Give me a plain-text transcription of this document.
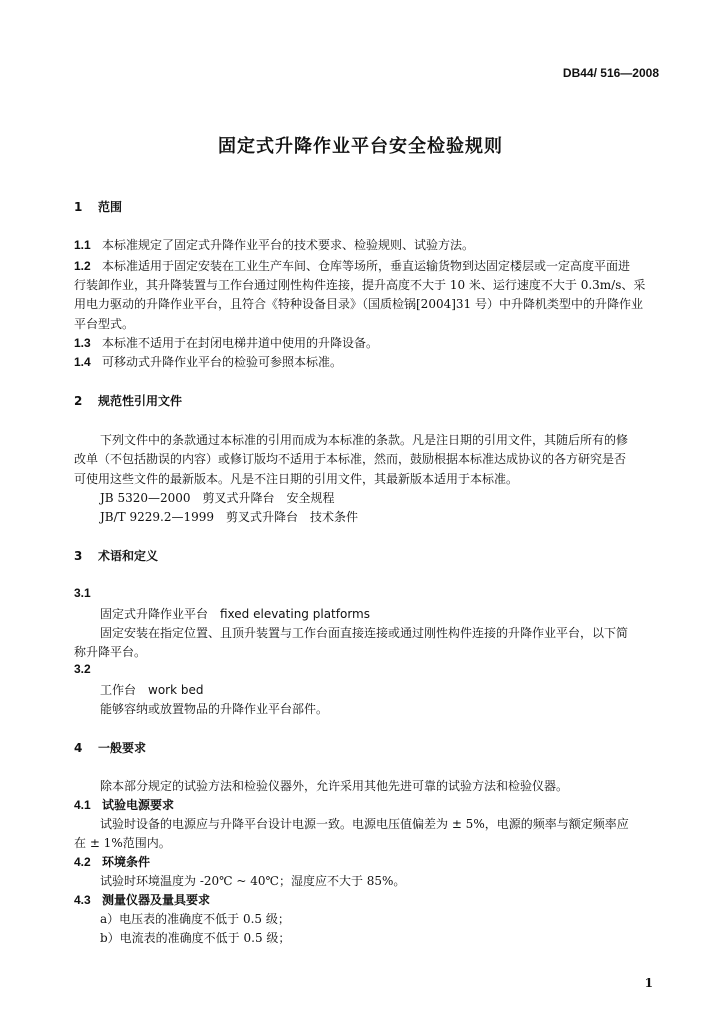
DB44/ 516—2008
固定式升降作业平台安全检验规则
1 范围
1.1 本标准规定了固定式升降作业平台的技术要求、检验规则、试验方法。
1.2 本标准适用于固定安装在工业生产车间、仓库等场所，垂直运输货物到达固定楼层或一定高度平面进
行装卸作业，其升降装置与工作台通过刚性构件连接，提升高度不大于 10 米、运行速度不大于 0.3m/s、采
用电力驱动的升降作业平台，且符合《特种设备目录》（国质检锅[2004]31 号）中升降机类型中的升降作业
平台型式。
1.3 本标准不适用于在封闭电梯井道中使用的升降设备。
1.4 可移动式升降作业平台的检验可参照本标准。
2 规范性引用文件
下列文件中的条款通过本标准的引用而成为本标准的条款。凡是注日期的引用文件，其随后所有的修
改单（不包括勘误的内容）或修订版均不适用于本标准，然而，鼓励根据本标准达成协议的各方研究是否
可使用这些文件的最新版本。凡是不注日期的引用文件，其最新版本适用于本标准。
JB 5320—2000　剪叉式升降台　安全规程
JB/T 9229.2—1999　剪叉式升降台　技术条件
3 术语和定义
3.1
固定式升降作业平台　fixed elevating platforms
固定安装在指定位置、且顶升装置与工作台面直接连接或通过刚性构件连接的升降作业平台，以下简
称升降平台。
3.2
工作台　work bed
能够容纳或放置物品的升降作业平台部件。
4 一般要求
除本部分规定的试验方法和检验仪器外，允许采用其他先进可靠的试验方法和检验仪器。
4.1 试验电源要求
试验时设备的电源应与升降平台设计电源一致。电源电压值偏差为 ± 5%，电源的频率与额定频率应
在 ± 1%范围内。
4.2 环境条件
试验时环境温度为 -20℃ ~ 40℃；湿度应不大于 85%。
4.3 测量仪器及量具要求
a）电压表的准确度不低于 0.5 级；
b）电流表的准确度不低于 0.5 级；
1
